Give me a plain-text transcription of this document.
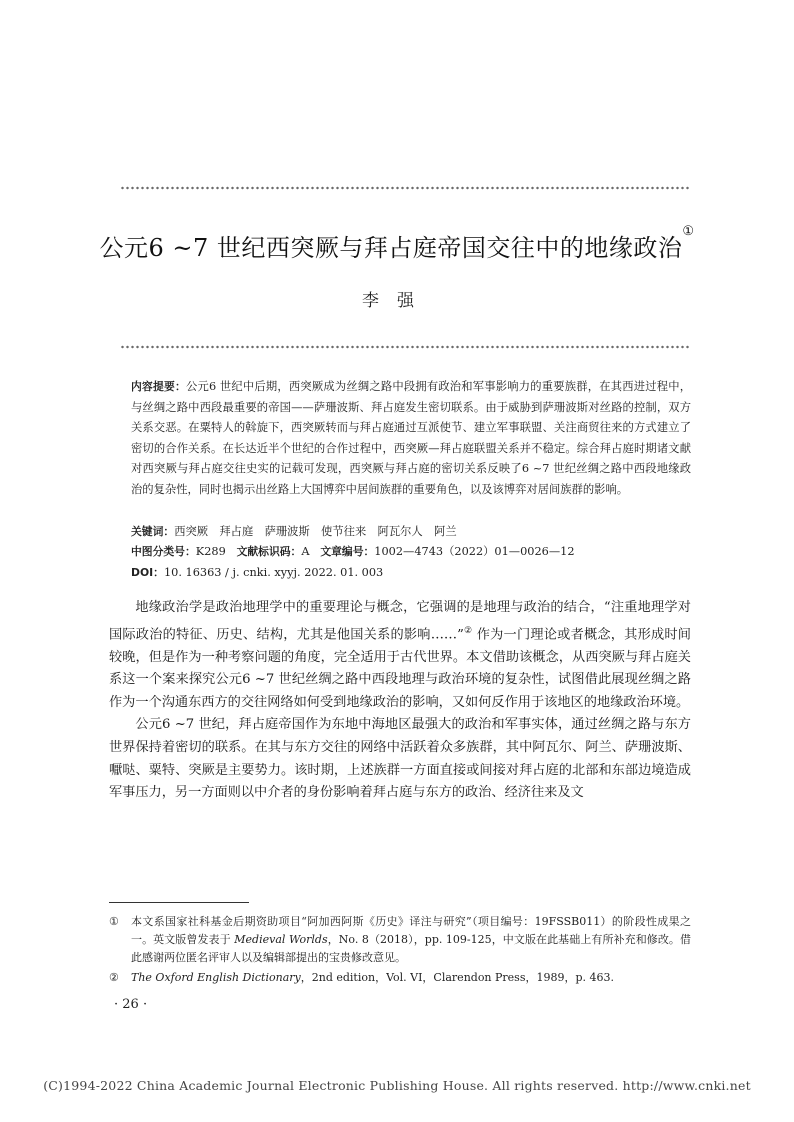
公元6 ~7 世纪西突厥与拜占庭帝国交往中的地缘政治①
李强
内容提要：公元6 世纪中后期，西突厥成为丝绸之路中段拥有政治和军事影响力的重要族群，在其西进过程中，与丝绸之路中西段最重要的帝国——萨珊波斯、拜占庭发生密切联系。由于威胁到萨珊波斯对丝路的控制，双方关系交恶。在粟特人的斡旋下，西突厥转而与拜占庭通过互派使节、建立军事联盟、关注商贸往来的方式建立了密切的合作关系。在长达近半个世纪的合作过程中，西突厥—拜占庭联盟关系并不稳定。综合拜占庭时期诸文献对西突厥与拜占庭交往史实的记载可发现，西突厥与拜占庭的密切关系反映了6 ~7 世纪丝绸之路中西段地缘政治的复杂性，同时也揭示出丝路上大国博弈中居间族群的重要角色，以及该博弈对居间族群的影响。
关键词：西突厥　拜占庭　萨珊波斯　使节往来　阿瓦尔人　阿兰
中图分类号：K289 文献标识码：A 文章编号：1002—4743（2022）01—0026—12
DOI：10. 16363 / j. cnki. xyyj. 2022. 01. 003

地缘政治学是政治地理学中的重要理论与概念，它强调的是地理与政治的结合，“注重地理学对国际政治的特征、历史、结构，尤其是他国关系的影响……”② 作为一门理论或者概念，其形成时间较晚，但是作为一种考察问题的角度，完全适用于古代世界。本文借助该概念，从西突厥与拜占庭关系这一个案来探究公元6 ~7 世纪丝绸之路中西段地理与政治环境的复杂性，试图借此展现丝绸之路作为一个沟通东西方的交往网络如何受到地缘政治的影响，又如何反作用于该地区的地缘政治环境。

公元6 ~7 世纪，拜占庭帝国作为东地中海地区最强大的政治和军事实体，通过丝绸之路与东方世界保持着密切的联系。在其与东方交往的网络中活跃着众多族群，其中阿瓦尔、阿兰、萨珊波斯、嚈哒、粟特、突厥是主要势力。该时期，上述族群一方面直接或间接对拜占庭的北部和东部边境造成军事压力，另一方面则以中介者的身份影响着拜占庭与东方的政治、经济往来及文

①	本文系国家社科基金后期资助项目“阿加西阿斯《历史》译注与研究”（项目编号：19FSSB011）的阶段性成果之一。英文版曾发表于 Medieval Worlds，No. 8（2018），pp. 109-125，中文版在此基础上有所补充和修改。借此感谢两位匿名评审人以及编辑部提出的宝贵修改意见。
②	The Oxford English Dictionary，2nd edition，Vol. VI，Clarendon Press，1989，p. 463.
· 26 ·
(C)1994-2022 China Academic Journal Electronic Publishing House. All rights reserved. http://www.cnki.net
